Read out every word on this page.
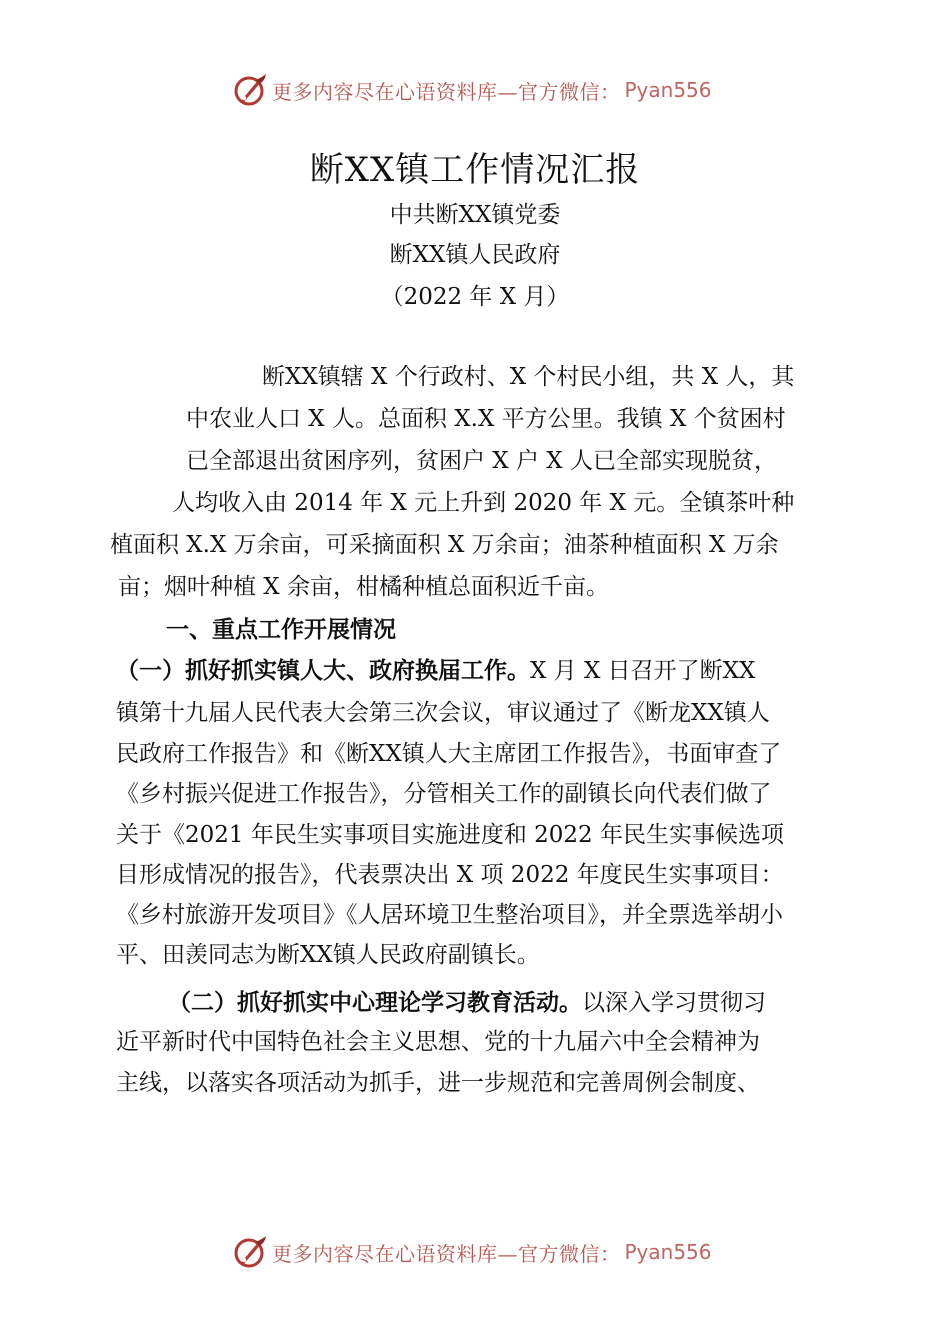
更多内容尽在心语资料库—官方微信： Pyan556
断XX镇工作情况汇报
中共断XX镇党委
断XX镇人民政府
（2022 年 X 月）
断XX镇辖 X 个行政村、X 个村民小组，共 X 人，其
中农业人口 X 人。总面积 X.X 平方公里。我镇 X 个贫困村
已全部退出贫困序列，贫困户 X 户 X 人已全部实现脱贫，
人均收入由 2014 年 X 元上升到 2020 年 X 元。全镇茶叶种
植面积 X.X 万余亩，可采摘面积 X 万余亩；油茶种植面积 X 万余
亩；烟叶种植 X 余亩，柑橘种植总面积近千亩。
一、重点工作开展情况
（一）抓好抓实镇人大、政府换届工作。X 月 X 日召开了断XX
镇第十九届人民代表大会第三次会议，审议通过了《断龙XX镇人
民政府工作报告》和《断XX镇人大主席团工作报告》，书面审查了
《乡村振兴促进工作报告》，分管相关工作的副镇长向代表们做了
关于《2021 年民生实事项目实施进度和 2022 年民生实事候选项
目形成情况的报告》，代表票决出 X 项 2022 年度民生实事项目：
《乡村旅游开发项目》《人居环境卫生整治项目》，并全票选举胡小
平、田羡同志为断XX镇人民政府副镇长。
（二）抓好抓实中心理论学习教育活动。以深入学习贯彻习
近平新时代中国特色社会主义思想、党的十九届六中全会精神为
主线，以落实各项活动为抓手，进一步规范和完善周例会制度、
更多内容尽在心语资料库—官方微信： Pyan556
